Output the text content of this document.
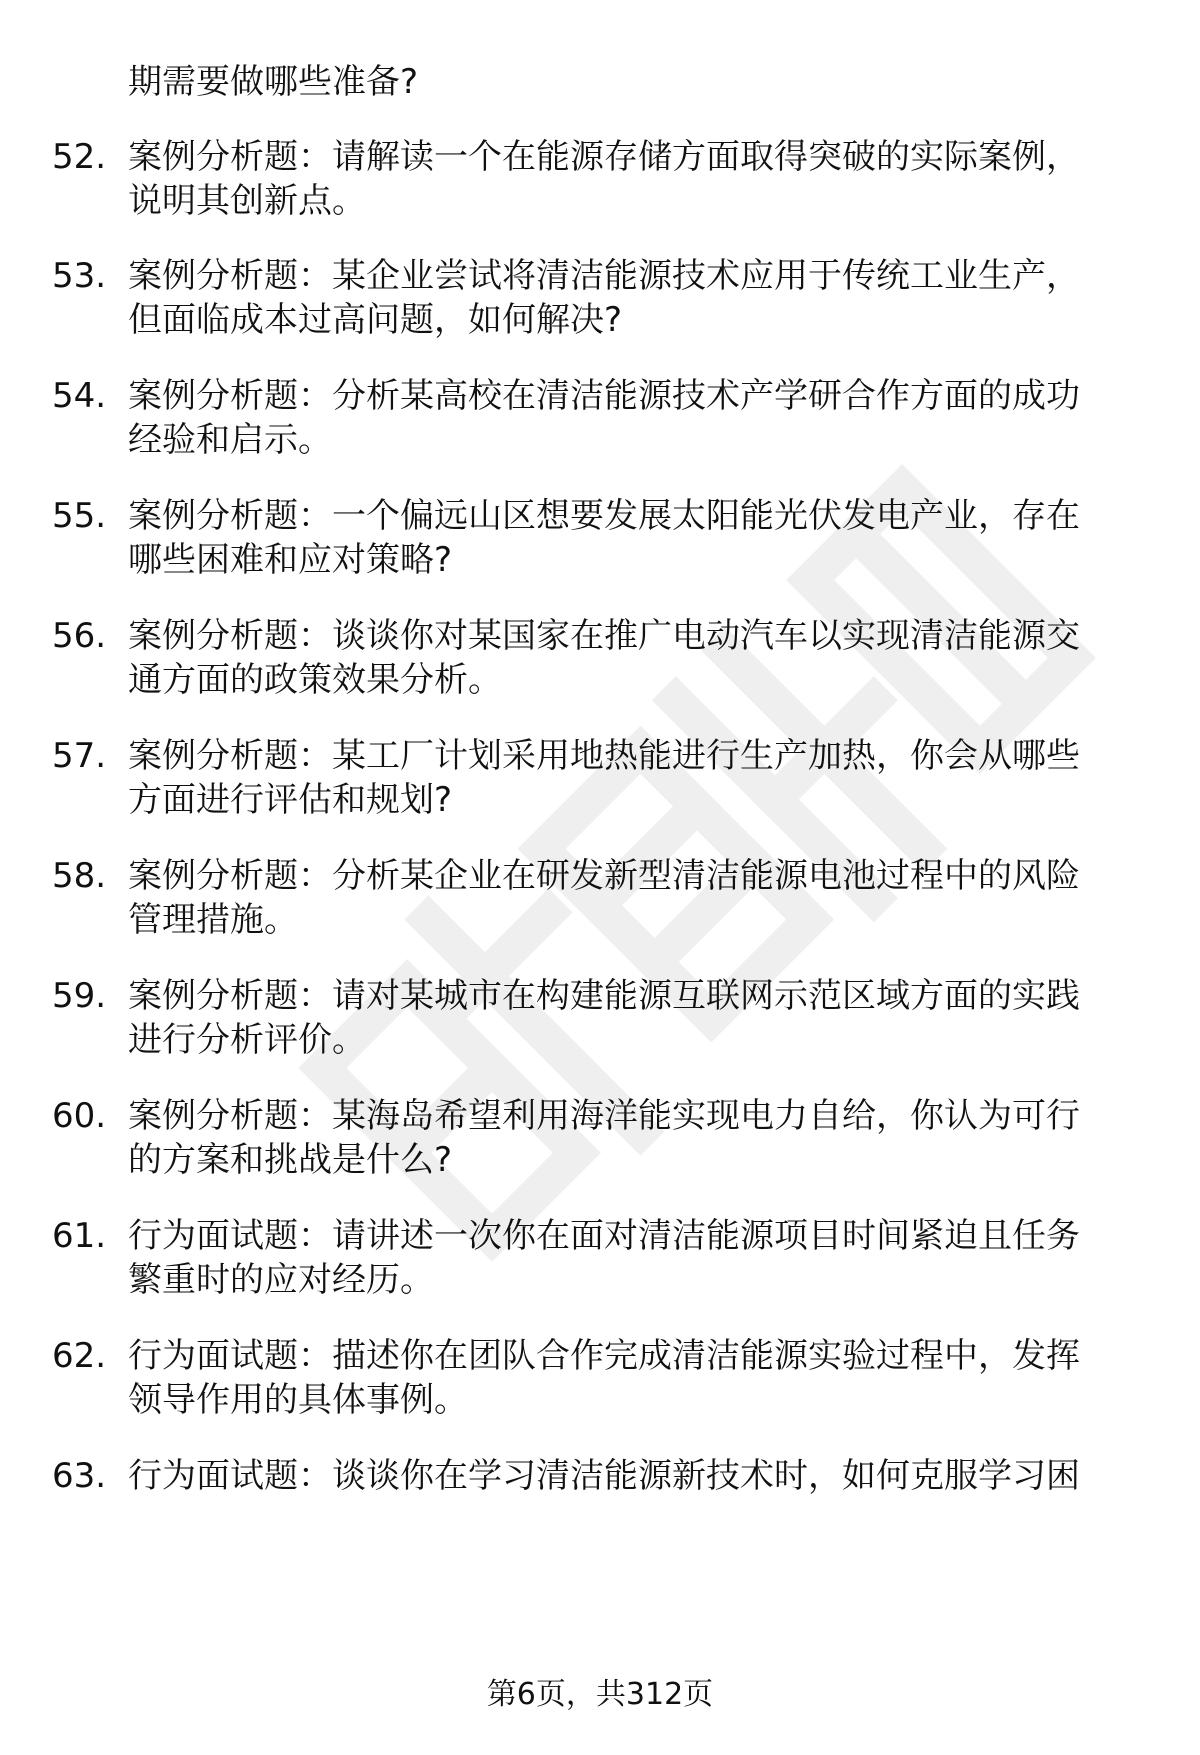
期需要做哪些准备?
52. 案例分析题：请解读一个在能源存储方面取得突破的实际案例，
说明其创新点。
53. 案例分析题：某企业尝试将清洁能源技术应用于传统工业生产，
但面临成本过高问题，如何解决?
54. 案例分析题：分析某高校在清洁能源技术产学研合作方面的成功
经验和启示。
55. 案例分析题：一个偏远山区想要发展太阳能光伏发电产业，存在
哪些困难和应对策略?
56. 案例分析题：谈谈你对某国家在推广电动汽车以实现清洁能源交
通方面的政策效果分析。
57. 案例分析题：某工厂计划采用地热能进行生产加热，你会从哪些
方面进行评估和规划?
58. 案例分析题：分析某企业在研发新型清洁能源电池过程中的风险
管理措施。
59. 案例分析题：请对某城市在构建能源互联网示范区域方面的实践
进行分析评价。
60. 案例分析题：某海岛希望利用海洋能实现电力自给，你认为可行
的方案和挑战是什么?
61. 行为面试题：请讲述一次你在面对清洁能源项目时间紧迫且任务
繁重时的应对经历。
62. 行为面试题：描述你在团队合作完成清洁能源实验过程中，发挥
领导作用的具体事例。
63. 行为面试题：谈谈你在学习清洁能源新技术时，如何克服学习困
第6页，共312页
